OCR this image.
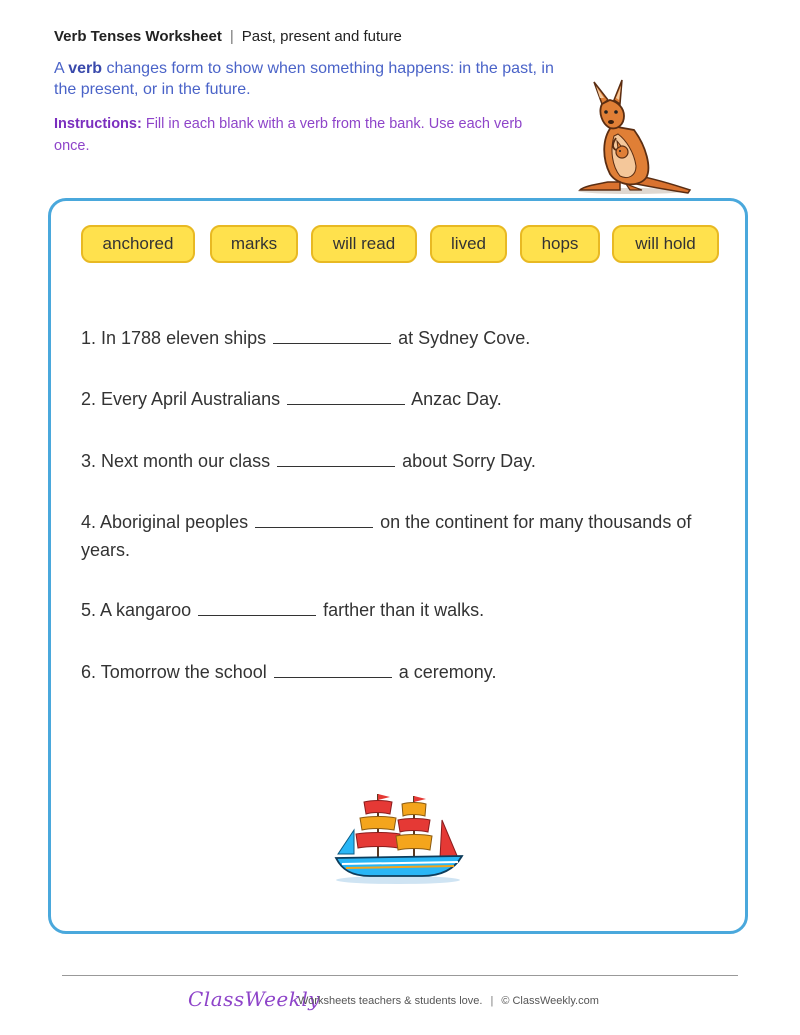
Verb Tenses Worksheet | Past, present and future
A verb changes form to show when something happens: in the past, in the present, or in the future.
Instructions: Fill in each blank with a verb from the bank. Use each verb once.
anchored	marks	will read	lived	hops	will hold
1. In 1788 eleven ships	at Sydney Cove.
2. Every April Australians	Anzac Day.
3. Next month our class	about Sorry Day.
4. Aboriginal peoples	on the continent for many thousands of years.
5. A kangaroo	farther than it walks.
6. Tomorrow the school	a ceremony.
ClassWeekly
Worksheets teachers & students love. | © ClassWeekly.com
